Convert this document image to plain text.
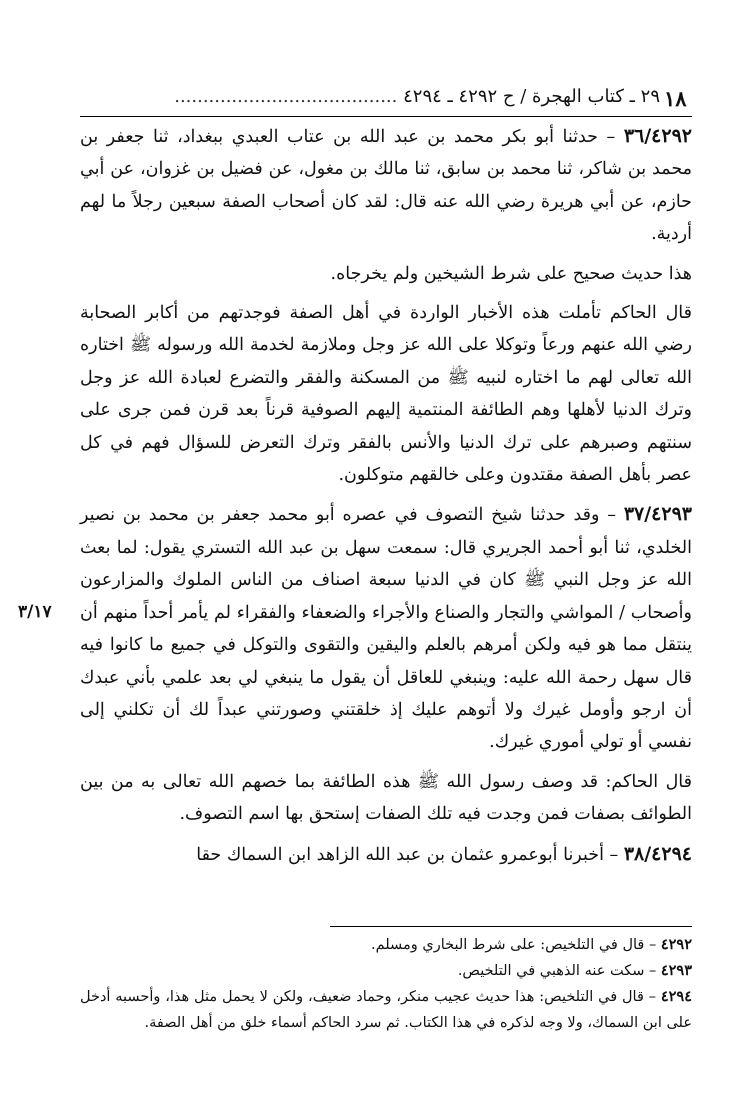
١٨
٢٩ ـ كتاب الهجرة / ح ٤٢٩٢ ـ ٤٢٩٤ .......................................
٣/١٧

٣٦/٤٢٩٢ – حدثنا أبو بكر محمد بن عبد الله بن عتاب العبدي ببغداد، ثنا جعفر بن محمد بن شاكر، ثنا محمد بن سابق، ثنا مالك بن مغول، عن فضيل بن غزوان، عن أبي حازم، عن أبي هريرة رضي الله عنه قال: لقد كان أصحاب الصفة سبعين رجلاً ما لهم أردية.

هذا حديث صحيح على شرط الشيخين ولم يخرجاه.

قال الحاكم تأملت هذه الأخبار الواردة في أهل الصفة فوجدتهم من أكابر الصحابة رضي الله عنهم ورعاً وتوكلا على الله عز وجل وملازمة لخدمة الله ورسوله ﷺ اختاره الله تعالى لهم ما اختاره لنبيه ﷺ من المسكنة والفقر والتضرع لعبادة الله عز وجل وترك الدنيا لأهلها وهم الطائفة المنتمية إليهم الصوفية قرناً بعد قرن فمن جرى على سنتهم وصبرهم على ترك الدنيا والأنس بالفقر وترك التعرض للسؤال فهم في كل عصر بأهل الصفة مقتدون وعلى خالقهم متوكلون.

٣٧/٤٢٩٣ – وقد حدثنا شيخ التصوف في عصره أبو محمد جعفر بن محمد بن نصير الخلدي، ثنا أبو أحمد الجريري قال: سمعت سهل بن عبد الله التستري يقول: لما بعث الله عز وجل النبي ﷺ كان في الدنيا سبعة اصناف من الناس الملوك والمزارعون وأصحاب / المواشي والتجار والصناع والأجراء والضعفاء والفقراء لم يأمر أحداً منهم أن ينتقل مما هو فيه ولكن أمرهم بالعلم واليقين والتقوى والتوكل في جميع ما كانوا فيه قال سهل رحمة الله عليه: وينبغي للعاقل أن يقول ما ينبغي لي بعد علمي بأني عبدك أن ارجو وأومل غيرك ولا أتوهم عليك إذ خلقتني وصورتني عبداً لك أن تكلني إلى نفسي أو تولي أموري غيرك.

قال الحاكم: قد وصف رسول الله ﷺ هذه الطائفة بما خصهم الله تعالى به من بين الطوائف بصفات فمن وجدت فيه تلك الصفات إستحق بها اسم التصوف.

٣٨/٤٢٩٤ – أخبرنا أبوعمرو عثمان بن عبد الله الزاهد ابن السماك حقا

٤٢٩٢ – قال في التلخيص: على شرط البخاري ومسلم.

٤٢٩٣ – سكت عنه الذهبي في التلخيص.

٤٢٩٤ – قال في التلخيص: هذا حديث عجيب منكر، وحماد ضعيف، ولكن لا يحمل مثل هذا، وأحسبه أدخل على ابن السماك، ولا وجه لذكره في هذا الكتاب. ثم سرد الحاكم أسماء خلق من أهل الصفة.
